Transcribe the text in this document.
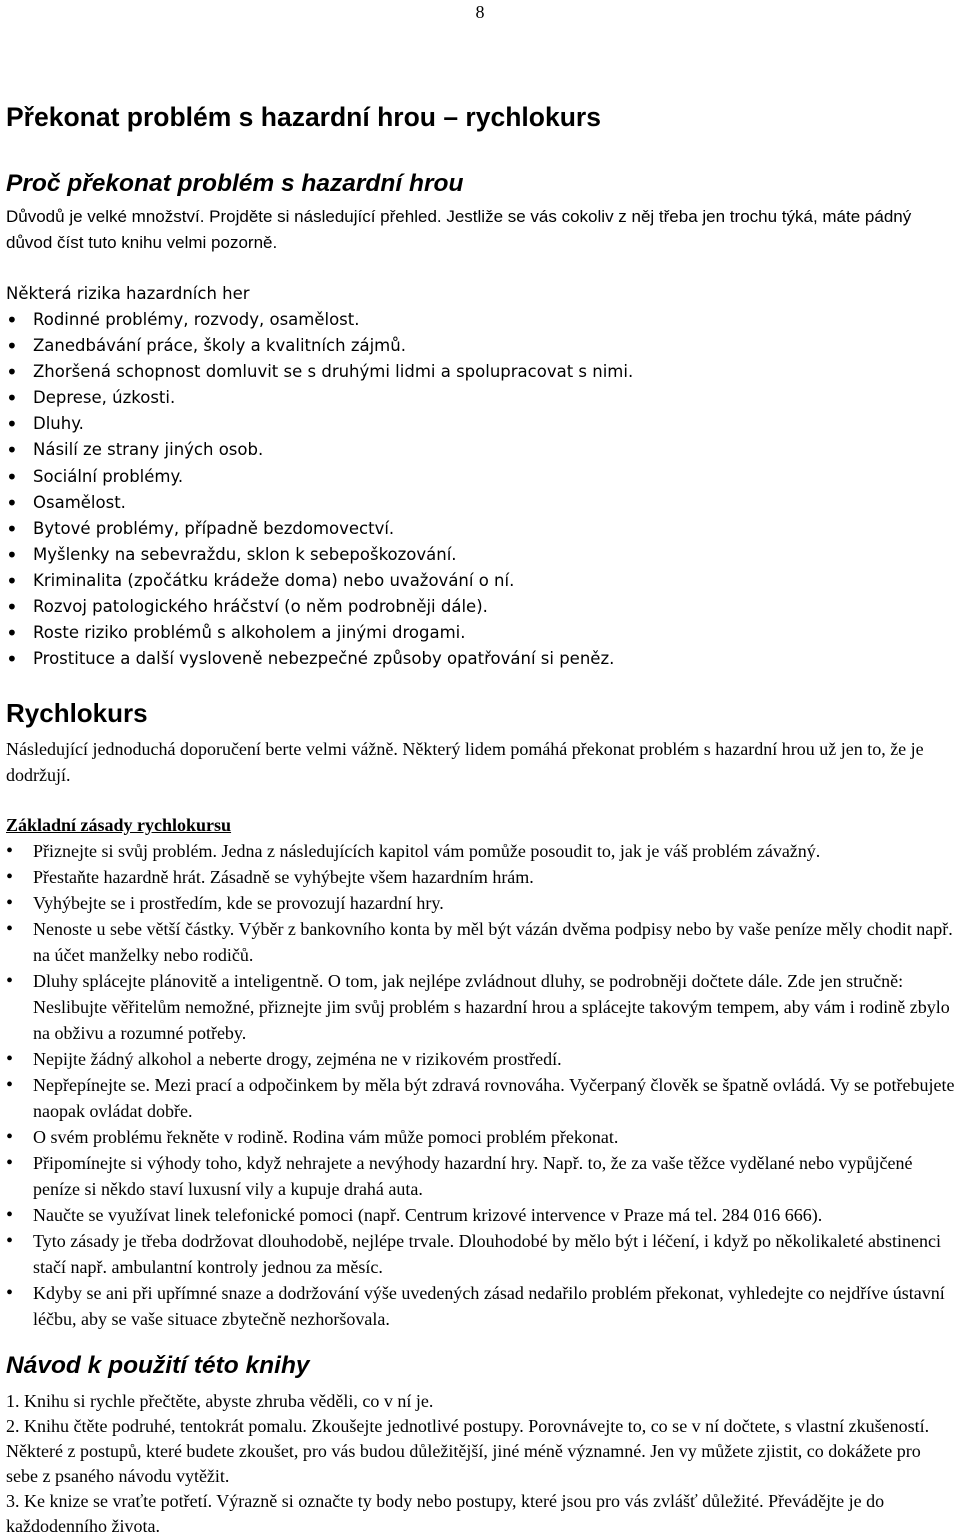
8
Překonat problém s hazardní hrou – rychlokurs
Proč překonat problém s hazardní hrou

Důvodů je velké množství. Projděte si následující přehled. Jestliže se vás cokoliv z něj třeba jen trochu týká, máte pádný důvod číst tuto knihu velmi pozorně.

Některá rizika hazardních her

• Rodinné problémy, rozvody, osamělost.
• Zanedbávání práce, školy a kvalitních zájmů.
• Zhoršená schopnost domluvit se s druhými lidmi a spolupracovat s nimi.
• Deprese, úzkosti.
• Dluhy.
• Násilí ze strany jiných osob.
• Sociální problémy.
• Osamělost.
• Bytové problémy, případně bezdomovectví.
• Myšlenky na sebevraždu, sklon k sebepoškozování.
• Kriminalita (zpočátku krádeže doma) nebo uvažování o ní.
• Rozvoj patologického hráčství (o něm podrobněji dále).
• Roste riziko problémů s alkoholem a jinými drogami.
• Prostituce a další vysloveně nebezpečné způsoby opatřování si peněz.
Rychlokurs

Následující jednoduchá doporučení berte velmi vážně. Některý lidem pomáhá překonat problém s hazardní hrou už jen to, že je dodržují.

Základní zásady rychlokursu

• Přiznejte si svůj problém. Jedna z následujících kapitol vám pomůže posoudit to, jak je váš problém závažný.
• Přestaňte hazardně hrát. Zásadně se vyhýbejte všem hazardním hrám.
• Vyhýbejte se i prostředím, kde se provozují hazardní hry.
• Nenoste u sebe větší částky. Výběr z bankovního konta by měl být vázán dvěma podpisy nebo by vaše peníze měly chodit např. na účet manželky nebo rodičů.
• Dluhy splácejte plánovitě a inteligentně. O tom, jak nejlépe zvládnout dluhy, se podrobněji dočtete dále. Zde jen stručně: Neslibujte věřitelům nemožné, přiznejte jim svůj problém s hazardní hrou a splácejte takovým tempem, aby vám i rodině zbylo na obživu a rozumné potřeby.
• Nepijte žádný alkohol a neberte drogy, zejména ne v rizikovém prostředí.
• Nepřepínejte se. Mezi prací a odpočinkem by měla být zdravá rovnováha. Vyčerpaný člověk se špatně ovládá. Vy se potřebujete naopak ovládat dobře.
• O svém problému řekněte v rodině. Rodina vám může pomoci problém překonat.
• Připomínejte si výhody toho, když nehrajete a nevýhody hazardní hry. Např. to, že za vaše těžce vydělané nebo vypůjčené peníze si někdo staví luxusní vily a kupuje drahá auta.
• Naučte se využívat linek telefonické pomoci (např. Centrum krizové intervence v Praze má tel. 284 016 666).
• Tyto zásady je třeba dodržovat dlouhodobě, nejlépe trvale. Dlouhodobé by mělo být i léčení, i když po několikaleté abstinenci stačí např. ambulantní kontroly jednou za měsíc.
• Kdyby se ani při upřímné snaze a dodržování výše uvedených zásad nedařilo problém překonat, vyhledejte co nejdříve ústavní léčbu, aby se vaše situace zbytečně nezhoršovala.
Návod k použití této knihy

1. Knihu si rychle přečtěte, abyste zhruba věděli, co v ní je.

2. Knihu čtěte podruhé, tentokrát pomalu. Zkoušejte jednotlivé postupy. Porovnávejte to, co se v ní dočtete, s vlastní zkušeností. Některé z postupů, které budete zkoušet, pro vás budou důležitější, jiné méně významné. Jen vy můžete zjistit, co dokážete pro sebe z psaného návodu vytěžit.

3. Ke knize se vraťte potřetí. Výrazně si označte ty body nebo postupy, které jsou pro vás zvlášť důležité. Převádějte je do každodenního života.
